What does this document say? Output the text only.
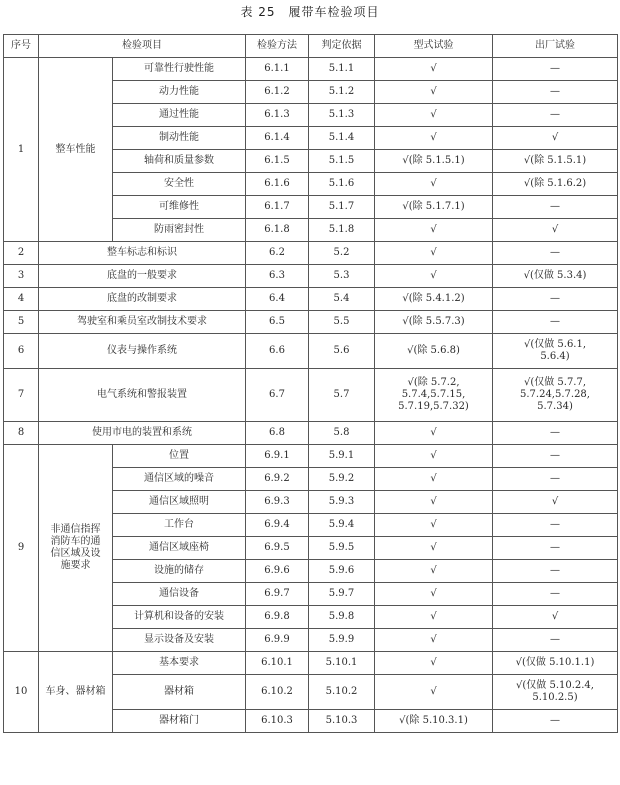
表 25　履带车检验项目
序号	检验项目		检验方法	判定依据	型式试验	出厂试验
1	整车性能	可靠性行驶性能	6.1.1	5.1.1	√	—
		动力性能	6.1.2	5.1.2	√	—
		通过性能	6.1.3	5.1.3	√	—
		制动性能	6.1.4	5.1.4	√	√
		轴荷和质量参数	6.1.5	5.1.5	√(除 5.1.5.1)	√(除 5.1.5.1)
		安全性	6.1.6	5.1.6	√	√(除 5.1.6.2)
		可维修性	6.1.7	5.1.7	√(除 5.1.7.1)	—
		防雨密封性	6.1.8	5.1.8	√	√
2	整车标志和标识		6.2	5.2	√	—
3	底盘的一般要求		6.3	5.3	√	√(仅做 5.3.4)
4	底盘的改制要求		6.4	5.4	√(除 5.4.1.2)	—
5	驾驶室和乘员室改制技术要求		6.5	5.5	√(除 5.5.7.3)	—
6	仪表与操作系统		6.6	5.6	√(除 5.6.8)	√(仅做 5.6.1,
5.6.4)
7	电气系统和警报装置		6.7	5.7	√(除 5.7.2,
5.7.4,5.7.15,
5.7.19,5.7.32)	√(仅做 5.7.7,
5.7.24,5.7.28,
5.7.34)
8	使用市电的装置和系统		6.8	5.8	√	—
9	非通信指挥
消防车的通
信区域及设
施要求	位置	6.9.1	5.9.1	√	—
		通信区域的噪音	6.9.2	5.9.2	√	—
		通信区域照明	6.9.3	5.9.3	√	√
		工作台	6.9.4	5.9.4	√	—
		通信区域座椅	6.9.5	5.9.5	√	—
		设施的储存	6.9.6	5.9.6	√	—
		通信设备	6.9.7	5.9.7	√	—
		计算机和设备的安装	6.9.8	5.9.8	√	√
		显示设备及安装	6.9.9	5.9.9	√	—
10	车身、器材箱	基本要求	6.10.1	5.10.1	√	√(仅做 5.10.1.1)
		器材箱	6.10.2	5.10.2	√	√(仅做 5.10.2.4,
5.10.2.5)
		器材箱门	6.10.3	5.10.3	√(除 5.10.3.1)	—
